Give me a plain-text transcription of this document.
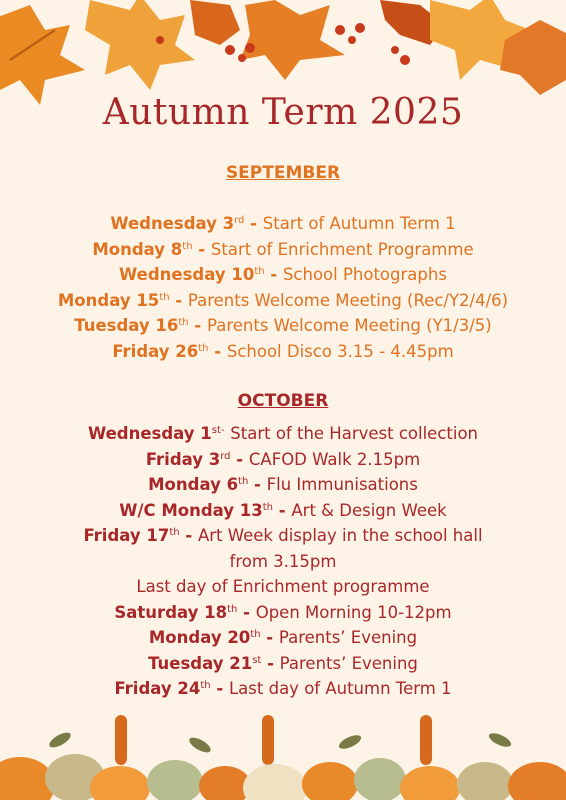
Autumn Term 2025
SEPTEMBER
Wednesday 3rd - Start of Autumn Term 1
Monday 8th - Start of Enrichment Programme
Wednesday 10th - School Photographs
Monday 15th - Parents Welcome Meeting (Rec/Y2/4/6)
Tuesday 16th - Parents Welcome Meeting (Y1/3/5)
Friday 26th - School Disco 3.15 - 4.45pm
OCTOBER
Wednesday $1^{st-}$ Start of the Harvest collection
Friday 3rd - CAFOD Walk 2.15pm
Monday 6th - Flu Immunisations
W/C Monday 13th - Art & Design Week
Friday 17th - Art Week display in the school hall
from 3.15pm
Last day of Enrichment programme
Saturday 18th - Open Morning 10-12pm
Monday 20th - Parents’ Evening
Tuesday 21st - Parents’ Evening
Friday 24th - Last day of Autumn Term 1
